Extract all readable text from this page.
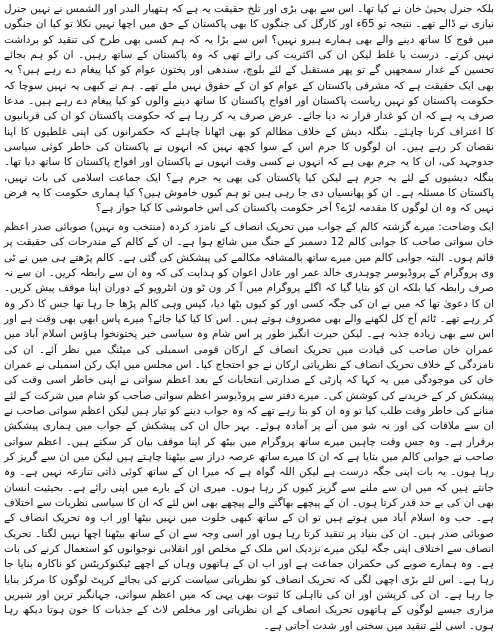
بلکہ جنرل یحییٰ خان نے کیا تھا۔ اس سے بھی بڑی اور تلخ حقیقت یہ ہے کہ ہتھیار البدر اور الشمس نے نہیں جنرل نیازی نے ڈالے تھے۔ نتیجہ تو 65ء اور کارگل کی جنگوں کا بھی پاکستان کے حق میں اچھا نہیں نکلا تو کیا ان جنگوں میں فوج کا ساتھ دینے والے بھی ہمارے ہیرو نہیں؟ اس سے بڑا یہ کہ ہم کسی بھی طرح کی تنقید کو برداشت نہیں کرتے۔ درست یا غلط لیکن ان کی اکثریت کی رائے تھی کہ وہ پاکستان کے ساتھ رہیں۔ ان کو ہم بجائے تحسین کے غدار سمجھیں گے تو پھر مستقبل کے لئے بلوچ، سندھی اور پختون عوام کو کیا پیغام دے رہے ہیں؟ یہ بھی ایک حقیقت ہے کہ مشرقی پاکستان کے عوام کو ان کے حقوق نہیں ملے تھے۔ ہم نے کبھی یہ نہیں سوچا کہ حکومت پاکستان کو نہیں ریاست پاکستان اور افواج پاکستان کا ساتھ دینے والوں کو کیا پیغام دے رہے ہیں۔ مدعا صرف یہ ہے کہ ان کو غدار قرار نہ دیا جائے۔ عرض صرف یہ کر رہا ہے کہ حکومت پاکستان کو ان کی قربانیوں کا اعتراف کرنا چاہئے۔ بنگلہ دیش کے خلاف مظالم کو بھی اٹھانا چاہئے کہ حکمرانوں کی اپنی غلطیوں کا اپنا نقصان کر رہے ہیں۔ ان لوگوں کا جرم اس کے سوا کچھ نہیں کہ انہوں نے پاکستان کی خاطر کوئی سیاسی جدوجہد کی، ان کا یہ جرم بھی ہے کہ انہوں نے کسی وقت انہوں نے پاکستان اور افواج پاکستان کا ساتھ دیا تھا۔ بنگلہ دیشیوں کے لئے یہ جرم ہے لیکن کیا پاکستان کی بھی یہ جرم ہے؟ ایک جماعت اسلامی کی بات نہیں، پاکستان کا مسئلہ ہے۔ ان کو پھانسیاں دی جا رہی ہیں تو ہم کیوں خاموش ہیں؟ کیا ہماری حکومت کا یہ فرض نہیں کہ وہ ان لوگوں کا مقدمہ لڑے؟ آخر حکومت پاکستان کی اس خاموشی کا کیا جواز ہے؟

ایک وضاحت: میرے گزشتہ کالم کے جواب میں تحریک انصاف کے نامزد کردہ (منتخب وہ نہیں) صوبائی صدر اعظم خان سواتی صاحب کا جوابی کالم 12 دسمبر کے جنگ میں شائع ہوا ہے۔ ان کے کالم کے مندرجات کی حقیقت پر قائم ہوں۔ البتہ جوابی کالم میں میرے ساتھ بالمشافہ مکالمے کی پیشکش کی گئی ہے۔ کالم پڑھتے ہی میں نے ٹی وی پروگرام کے پروڈیوسر چوہدری خالد عمر اور عادل اعوان کو ہدایت کی کہ وہ ان سے رابطہ کریں۔ ان سے نہ صرف رابطہ کیا بلکہ ان کو بتایا گیا کہ اگلے پروگرام میں آ کر ون ٹو ون انٹرویو کے دوران اپنا موقف پیش کریں۔ ان کا دعویٰ تھا کہ میں نے ان کی جگہ کسی اور کو کیوں بٹھا دیا، کیس وہی کالم پڑھا جا رہا تھا جس کا ذکر وہ کر رہے تھے۔ ٹائم آج کل لکھنے والے بھی مصروف ہوتے ہیں۔ اس کا کیا کیا جائے؟ میرے پاس ابھی بھی وقت ہے اور اس سے بھی زیادہ جذبہ ہے۔ لیکن حیرت انگیز طور پر اس شام وہ سیاسی خیر پختونخوا ہاؤس اسلام آباد میں عمران خان صاحب کی قیادت میں تحریک انصاف کے ارکان قومی اسمبلی کی میٹنگ میں نظر آئے۔ ان کی نامزدگی کے خلاف تحریک انصاف کے نظریاتی ارکان نے جو احتجاج کیا۔ اس مجلس میں ایک رکن اسمبلی نے عمران خان کی موجودگی میں یہ کہا کہ پارٹی کے صدارتی انتخابات کے بعد اعظم سواتی نے اپنی خاطر اسی وقت کی پیشکش کر کے خریدنے کی کوشش کی۔ میرے دفتر سے پروڈیوسر اعظم سواتی صاحب کو شام میں شرکت کے لئے منانے کی خاطر وقت طلب کیا تو وہ ان کو بتا رہے تھے کہ وہ جواب دینے کو تیار ہیں لیکن اعظم سواتی صاحب نے ان سے ملاقات کی اور نہ شو میں آنے پر آمادہ ہوئے۔ بہر حال ان کی پیشکش کے جواب میں ہماری پیشکش برقرار ہے۔ وہ جس وقت چاہیں میرے ساتھ پروگرام میں بیٹھ کر اپنا موقف بیان کر سکتے ہیں۔ اعظم سواتی صاحب نے جوابی کالم میں بتایا ہے کہ ان کا میرے ساتھ عرصہ دراز سے بیٹھنا چاہتے ہیں لیکن میں ان سے گریز کر رہا ہوں۔ یہ بات اپنی جگہ درست ہے لیکن اللہ گواہ ہے کہ میرا ان کے ساتھ کوئی ذاتی تنازعہ نہیں ہے۔ وہ جانتے ہیں کہ میں ان سے ملنے سے گریز کیوں کر رہا ہوں۔ میری ان کے بارے میں اپنی رائے ہے۔ بحیثیت انسان بھی ان کی بے حد قدر کرتا ہوں۔ ان کے پیچھے بھاگنے والے پیچھے بھی اس لئے کہ ان کا سیاسی نظریات سے اختلاف ہے۔ جب وہ اسلام آباد میں ہوتے ہیں تو ان کے ساتھ کبھی خلوت میں نہیں بیٹھا اور اب وہ تحریک انصاف کے صوبائی صدر ہیں۔ ان کی بنیاد پر تنقید کرتا رہا ہوں اور اسی وجہ سے ان کے ساتھ بیٹھنا اچھا نہیں لگتا۔ تحریک انصاف سے اختلاف اپنی جگہ لیکن میرے نزدیک اس ملک کے مخلص اور انقلابی نوجوانوں کو استعمال کرنے کی بات ہے۔ وہ ہمارے صوبے کی حکمران جماعت ہے اور اب ان کے ہاتھوں وہاں کے اچھے ٹیکنوکریٹس کو ناکارہ بنایا جا رہا ہے۔ اس لئے بڑی اچھی لگی کہ تحریک انصاف کو نظریاتی سیاست کرنے کی بجائے کرپٹ لوگوں کا مرکز بنایا جا رہا ہے۔ ان کی کرپشن اور ان کی نااہلی کا ثبوت بھی یہی کہ میں اعظم سواتی، جہانگیر ترین اور شیریں مزاری جیسے لوگوں کے ہاتھوں تحریک انصاف کے ان نظریاتی اور مخلص لاٹ کے جذبات کا خون ہوتا دیکھ رہا ہوں۔ اسی لئے تنقید میں سختی اور شدت آجاتی ہے۔
